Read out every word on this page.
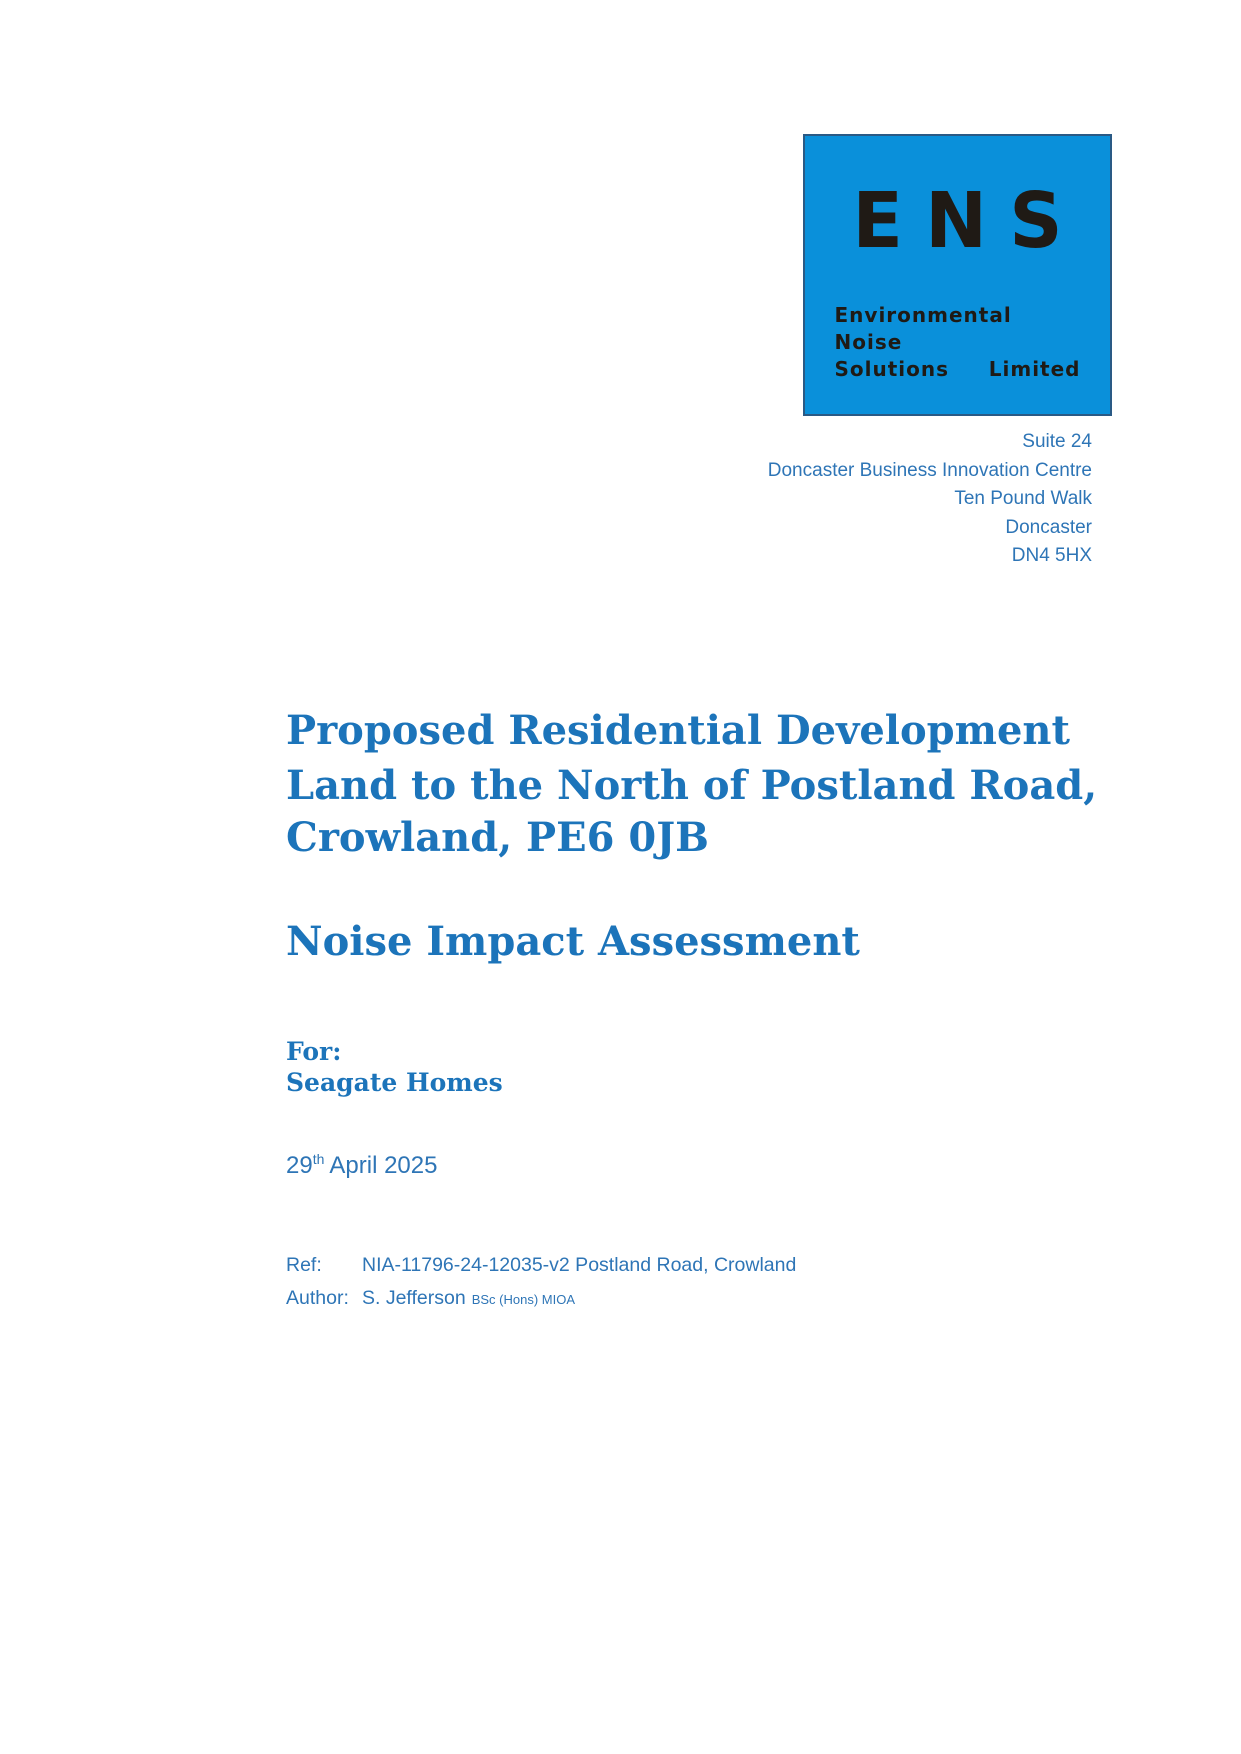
ENS
Environmental Noise
Solutions Limited
Suite 24
Doncaster Business Innovation Centre
Ten Pound Walk
Doncaster
DN4 5HX
Proposed Residential Development
Land to the North of Postland Road,
Crowland, PE6 0JB
Noise Impact Assessment
For:
Seagate Homes
29th April 2025
Ref:	NIA-11796-24-12035-v2 Postland Road, Crowland
Author: S. Jefferson BSc (Hons) MIOA
